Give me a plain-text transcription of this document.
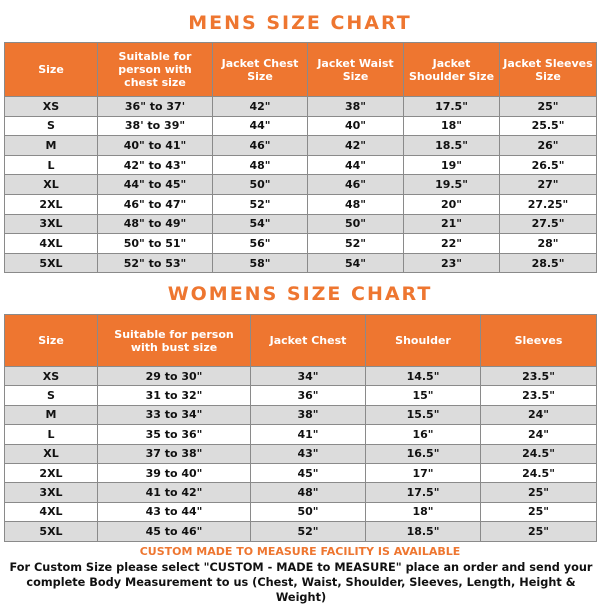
MENS SIZE CHART
Size	Suitable for person with chest size	Jacket Chest Size	Jacket Waist Size	Jacket Shoulder Size	Jacket Sleeves Size
XS	36" to 37'	42"	38"	17.5"	25"
S	38' to 39"	44"	40"	18"	25.5"
M	40" to 41"	46"	42"	18.5"	26"
L	42" to 43"	48"	44"	19"	26.5"
XL	44" to 45"	50"	46"	19.5"	27"
2XL	46" to 47"	52"	48"	20"	27.25"
3XL	48" to 49"	54"	50"	21"	27.5"
4XL	50" to 51"	56"	52"	22"	28"
5XL	52" to 53"	58"	54"	23"	28.5"
WOMENS SIZE CHART
Size	Suitable for person with bust size	Jacket Chest	Shoulder	Sleeves
XS	29 to 30"	34"	14.5"	23.5"
S	31 to 32"	36"	15"	23.5"
M	33 to 34"	38"	15.5"	24"
L	35 to 36"	41"	16"	24"
XL	37 to 38"	43"	16.5"	24.5"
2XL	39 to 40"	45"	17"	24.5"
3XL	41 to 42"	48"	17.5"	25"
4XL	43 to 44"	50"	18"	25"
5XL	45 to 46"	52"	18.5"	25"
CUSTOM MADE TO MEASURE FACILITY IS AVAILABLE
For Custom Size please select "CUSTOM - MADE to MEASURE" place an order and send your complete Body Measurement to us (Chest, Waist, Shoulder, Sleeves, Length, Height & Weight)
